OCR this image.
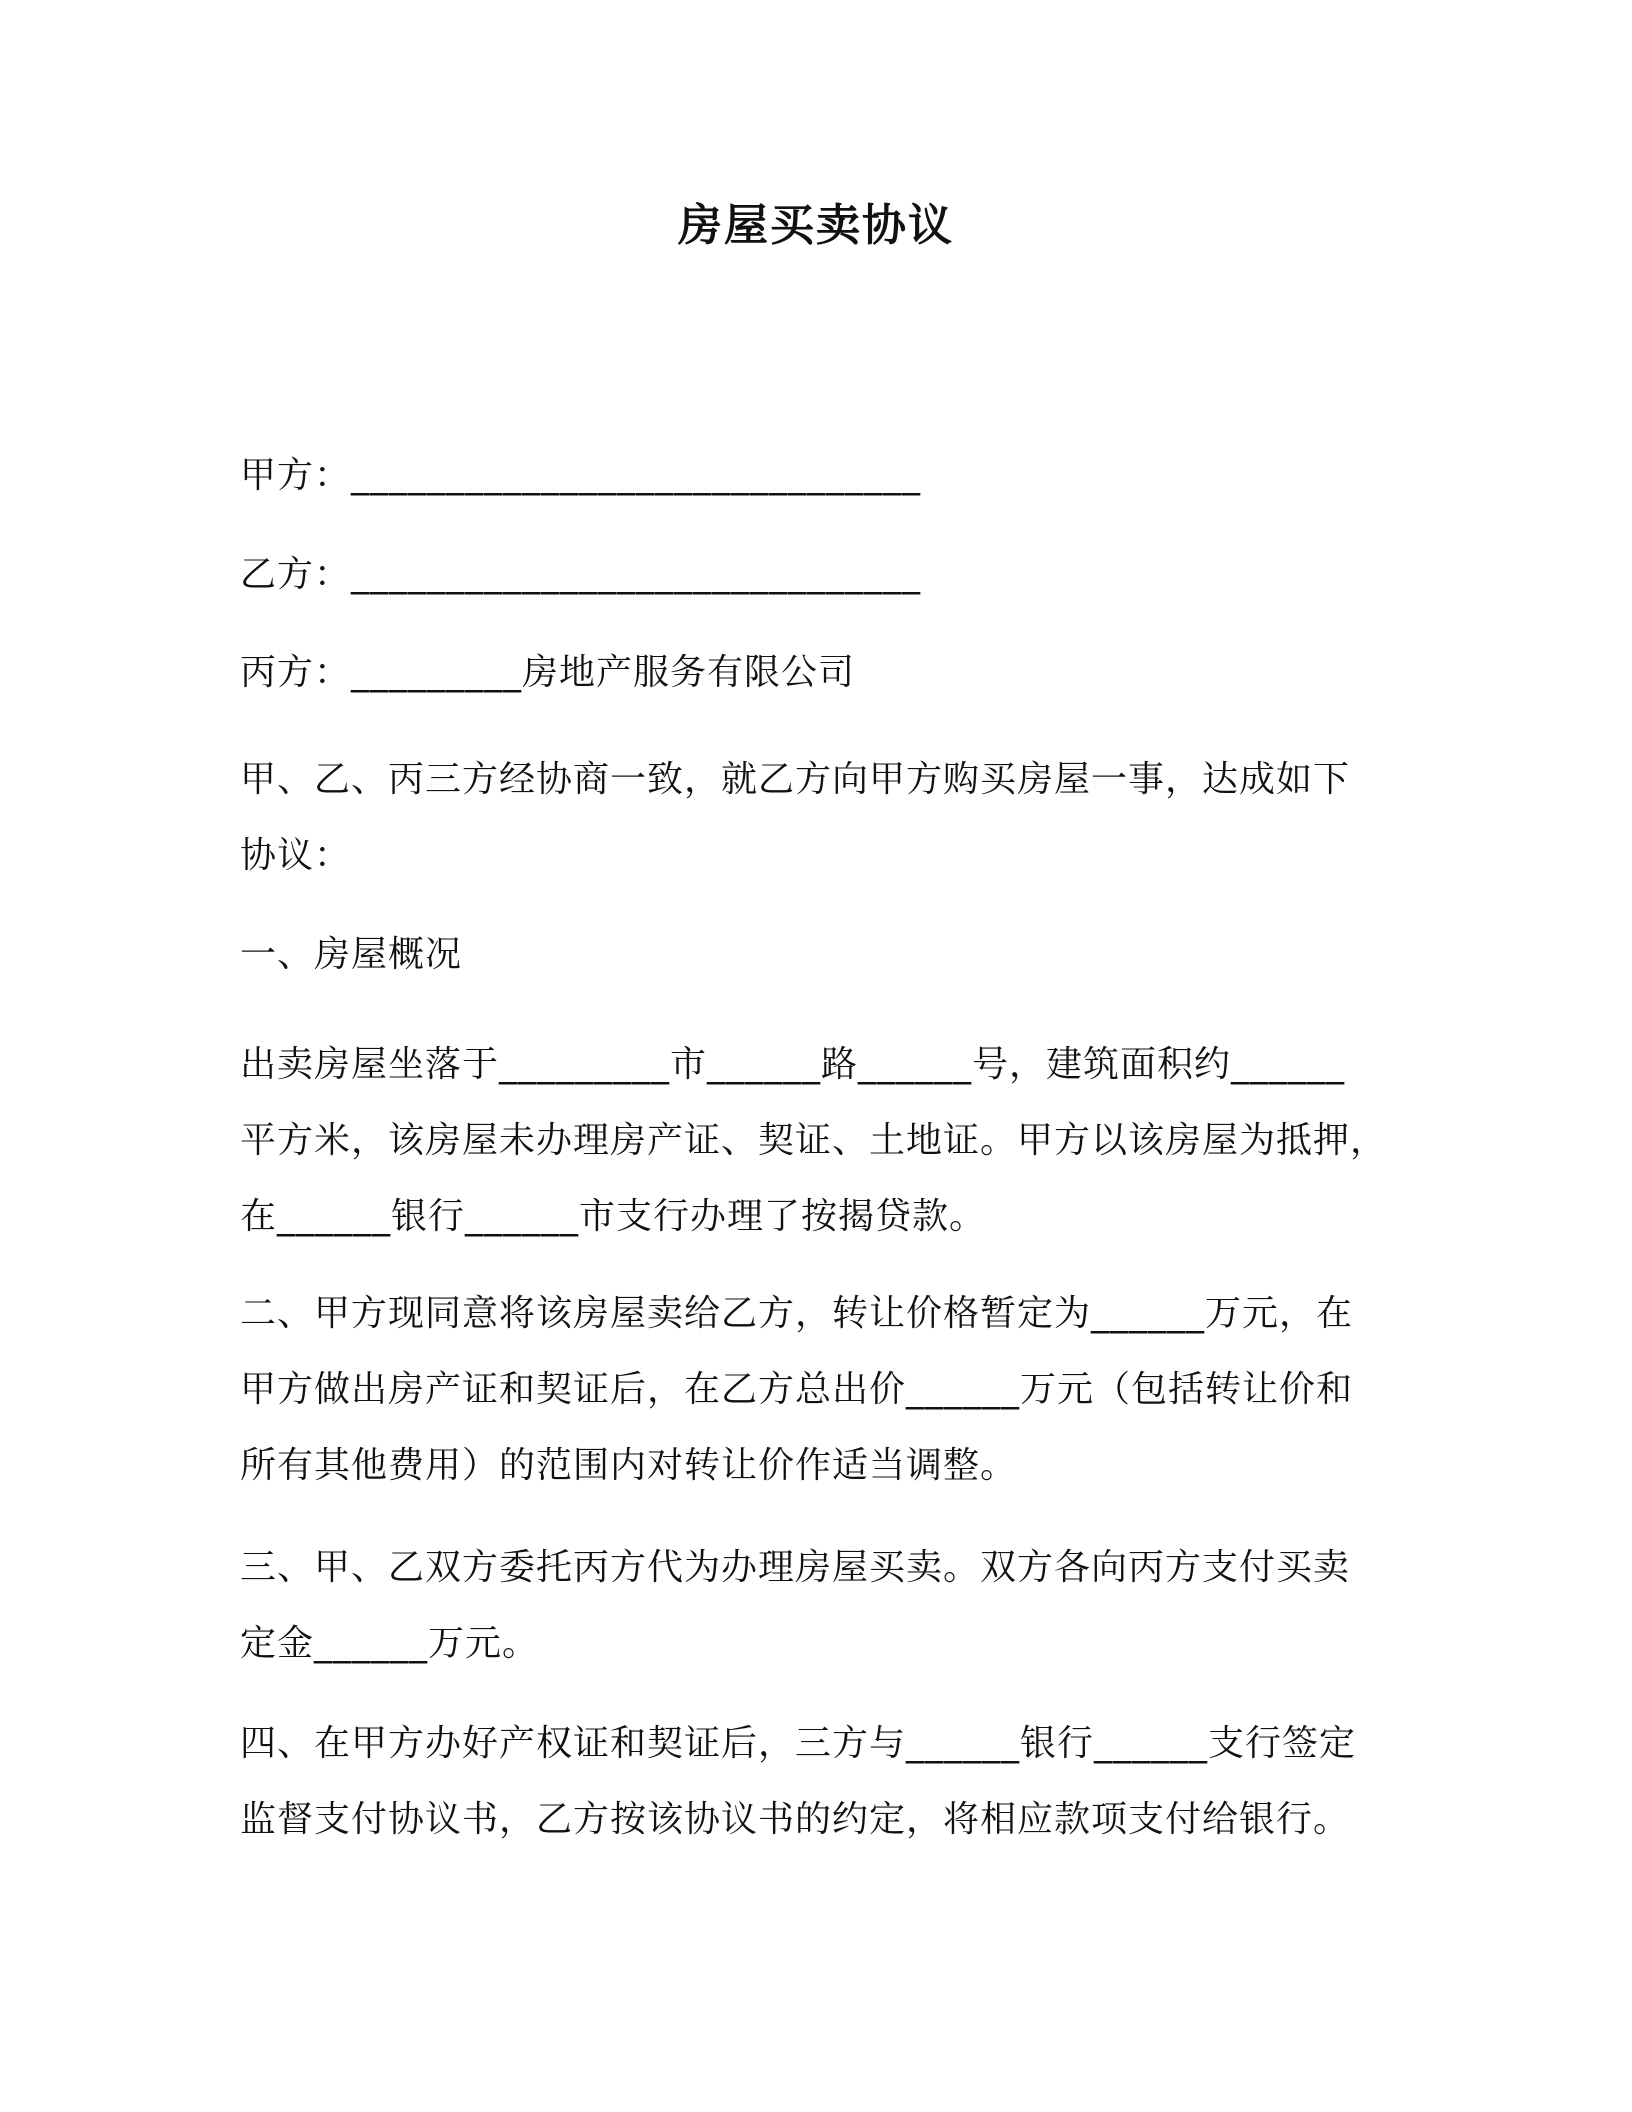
房屋买卖协议
甲方：______________________________
乙方：______________________________
丙方：_________房地产服务有限公司
甲、乙、丙三方经协商一致，就乙方向甲方购买房屋一事，达成如下
协议：
一、房屋概况
出卖房屋坐落于_________市______路______号，建筑面积约______
平方米，该房屋未办理房产证、契证、土地证。甲方以该房屋为抵押，
在______银行______市支行办理了按揭贷款。
二、甲方现同意将该房屋卖给乙方，转让价格暂定为______万元，在
甲方做出房产证和契证后，在乙方总出价______万元（包括转让价和
所有其他费用）的范围内对转让价作适当调整。
三、甲、乙双方委托丙方代为办理房屋买卖。双方各向丙方支付买卖
定金______万元。
四、在甲方办好产权证和契证后，三方与______银行______支行签定
监督支付协议书，乙方按该协议书的约定，将相应款项支付给银行。
